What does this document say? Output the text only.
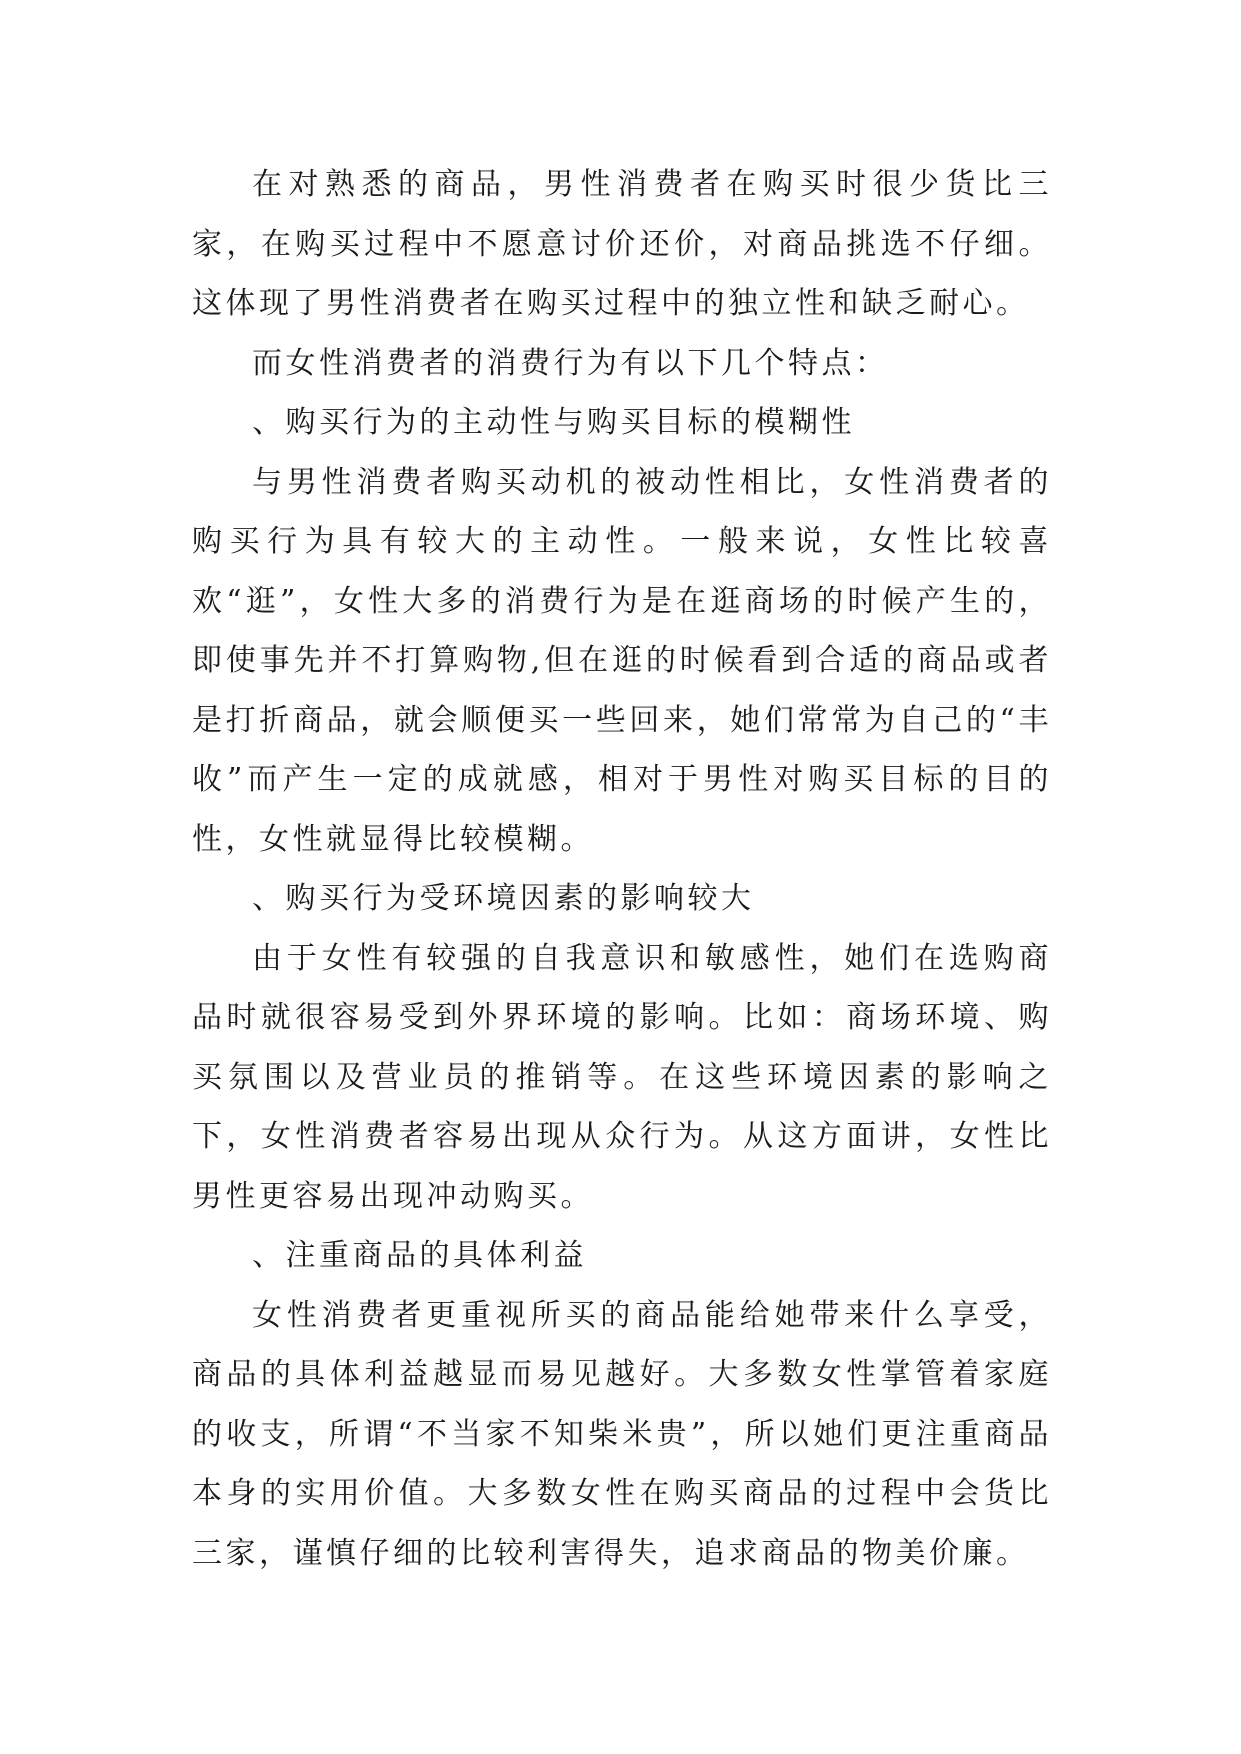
在对熟悉的商品，男性消费者在购买时很少货比三家，在购买过程中不愿意讨价还价，对商品挑选不仔细。这体现了男性消费者在购买过程中的独立性和缺乏耐心。

而女性消费者的消费行为有以下几个特点：

、购买行为的主动性与购买目标的模糊性

与男性消费者购买动机的被动性相比，女性消费者的购买行为具有较大的主动性。一般来说，女性比较喜欢“逛”，女性大多的消费行为是在逛商场的时候产生的，即使事先并不打算购物,但在逛的时候看到合适的商品或者是打折商品，就会顺便买一些回来，她们常常为自己的“丰收”而产生一定的成就感，相对于男性对购买目标的目的性，女性就显得比较模糊。

、购买行为受环境因素的影响较大

由于女性有较强的自我意识和敏感性，她们在选购商品时就很容易受到外界环境的影响。比如：商场环境、购买氛围以及营业员的推销等。在这些环境因素的影响之下，女性消费者容易出现从众行为。从这方面讲，女性比男性更容易出现冲动购买。

、注重商品的具体利益

女性消费者更重视所买的商品能给她带来什么享受，商品的具体利益越显而易见越好。大多数女性掌管着家庭的收支，所谓“不当家不知柴米贵”，所以她们更注重商品本身的实用价值。大多数女性在购买商品的过程中会货比三家，谨慎仔细的比较利害得失，追求商品的物美价廉。
